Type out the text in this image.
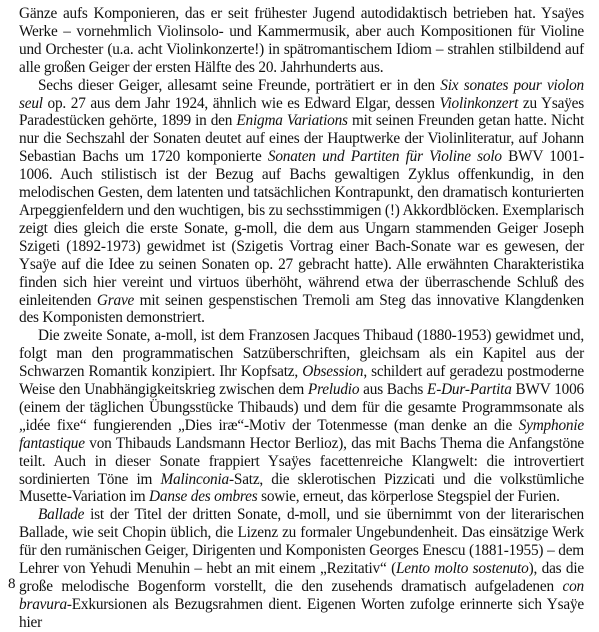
Gänze aufs Komponieren, das er seit frühester Jugend autodidaktisch betrieben hat. Ysaÿes Werke – vornehmlich Violinsolo- und Kammermusik, aber auch Kompositionen für Violine und Orchester (u.a. acht Violinkonzerte!) in spätromantischem Idiom – strahlen stilbildend auf alle großen Geiger der ersten Hälfte des 20. Jahrhunderts aus.

Sechs dieser Geiger, allesamt seine Freunde, porträtiert er in den Six sonates pour violon seul op. 27 aus dem Jahr 1924, ähnlich wie es Edward Elgar, dessen Violinkonzert zu Ysaÿes Paradestücken gehörte, 1899 in den Enigma Variations mit seinen Freunden getan hatte. Nicht nur die Sechszahl der Sonaten deutet auf eines der Hauptwerke der Violinliteratur, auf Johann Sebastian Bachs um 1720 komponierte Sonaten und Partiten für Violine solo BWV 1001-1006. Auch stilistisch ist der Bezug auf Bachs gewaltigen Zyklus offenkundig, in den melodischen Gesten, dem latenten und tatsächlichen Kontrapunkt, den dramatisch konturierten Arpeggienfeldern und den wuchtigen, bis zu sechsstimmigen (!) Akkordblöcken. Exemplarisch zeigt dies gleich die erste Sonate, g-moll, die dem aus Ungarn stammenden Geiger Joseph Szigeti (1892-1973) gewidmet ist (Szigetis Vortrag einer Bach-Sonate war es gewesen, der Ysaÿe auf die Idee zu seinen Sonaten op. 27 gebracht hatte). Alle erwähnten Charakteristika finden sich hier vereint und virtuos überhöht, während etwa der überraschende Schluß des einleitenden Grave mit seinen gespenstischen Tremoli am Steg das innovative Klangdenken des Komponisten demonstriert.

Die zweite Sonate, a-moll, ist dem Franzosen Jacques Thibaud (1880-1953) gewidmet und, folgt man den programmatischen Satzüberschriften, gleichsam als ein Kapitel aus der Schwarzen Romantik konzipiert. Ihr Kopfsatz, Obsession, schildert auf geradezu postmoderne Weise den Unabhängigkeitskrieg zwischen dem Preludio aus Bachs E-Dur-Partita BWV 1006 (einem der täglichen Übungsstücke Thibauds) und dem für die gesamte Programmsonate als „idée fixe“ fungierenden „Dies iræ“-Motiv der Totenmesse (man denke an die Symphonie fantastique von Thibauds Landsmann Hector Berlioz), das mit Bachs Thema die Anfangstöne teilt. Auch in dieser Sonate frappiert Ysaÿes facettenreiche Klangwelt: die introvertiert sordinierten Töne im Malinconia-Satz, die sklerotischen Pizzicati und die volkstümliche Musette-Variation im Danse des ombres sowie, erneut, das körperlose Stegspiel der Furien.

Ballade ist der Titel der dritten Sonate, d-moll, und sie übernimmt von der literarischen Ballade, wie seit Chopin üblich, die Lizenz zu formaler Ungebundenheit. Das einsätzige Werk für den rumänischen Geiger, Dirigenten und Komponisten Georges Enescu (1881-1955) – dem Lehrer von Yehudi Menuhin – hebt an mit einem „Rezitativ“ (Lento molto sostenuto), das die große melodische Bogenform vorstellt, die den zusehends dramatisch aufgeladenen con bravura-Exkursionen als Bezugsrahmen dient. Eigenen Worten zufolge erinnerte sich Ysaÿe hier

8
